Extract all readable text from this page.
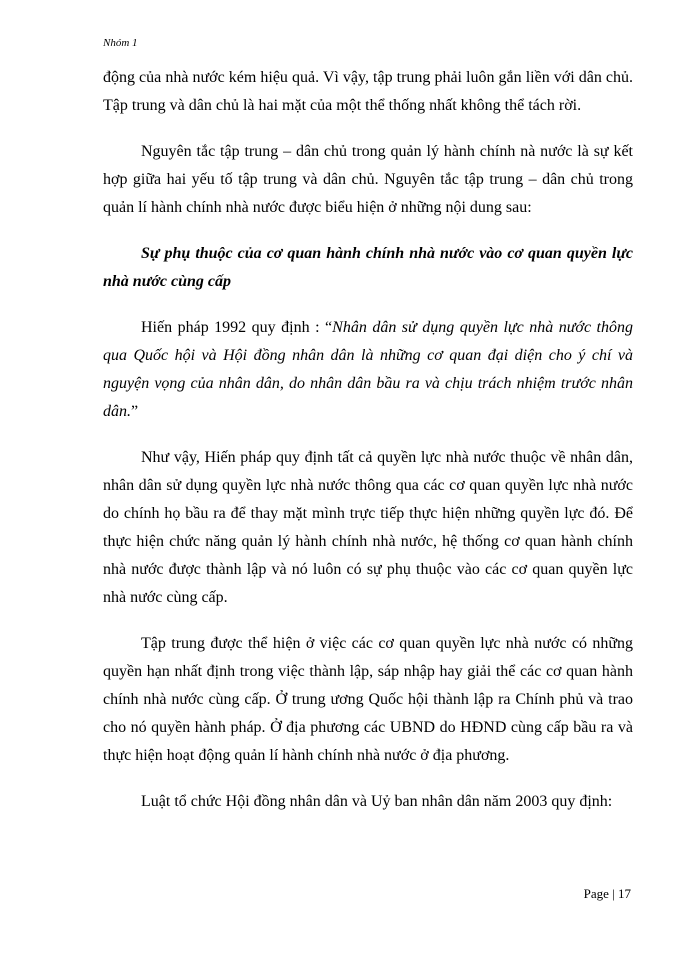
Nhóm 1

động của nhà nước kém hiệu quả. Vì vậy, tập trung phải luôn gắn liền với dân chủ. Tập trung và dân chủ là hai mặt của một thể thống nhất không thể tách rời.

Nguyên tắc tập trung – dân chủ trong quản lý hành chính nà nước là sự kết hợp giữa hai yếu tố tập trung và dân chủ. Nguyên tắc tập trung – dân chủ trong quản lí hành chính nhà nước được biểu hiện ở những nội dung sau:

Sự phụ thuộc của cơ quan hành chính nhà nước vào cơ quan quyền lực nhà nước cùng cấp

Hiến pháp 1992 quy định : “Nhân dân sử dụng quyền lực nhà nước thông qua Quốc hội và Hội đồng nhân dân là những cơ quan đại diện cho ý chí và nguyện vọng của nhân dân, do nhân dân bầu ra và chịu trách nhiệm trước nhân dân.”

Như vậy, Hiến pháp quy định tất cả quyền lực nhà nước thuộc về nhân dân, nhân dân sử dụng quyền lực nhà nước thông qua các cơ quan quyền lực nhà nước do chính họ bầu ra để thay mặt mình trực tiếp thực hiện những quyền lực đó. Để thực hiện chức năng quản lý hành chính nhà nước, hệ thống cơ quan hành chính nhà nước được thành lập và nó luôn có sự phụ thuộc vào các cơ quan quyền lực nhà nước cùng cấp.

Tập trung được thể hiện ở việc các cơ quan quyền lực nhà nước có những quyền hạn nhất định trong việc thành lập, sáp nhập hay giải thể các cơ quan hành chính nhà nước cùng cấp. Ở trung ương Quốc hội thành lập ra Chính phủ và trao cho nó quyền hành pháp. Ở địa phương các UBND do HĐND cùng cấp bầu ra và thực hiện hoạt động quản lí hành chính nhà nước ở địa phương.

Luật tổ chức Hội đồng nhân dân và Uỷ ban nhân dân năm 2003 quy định:

Page | 17
